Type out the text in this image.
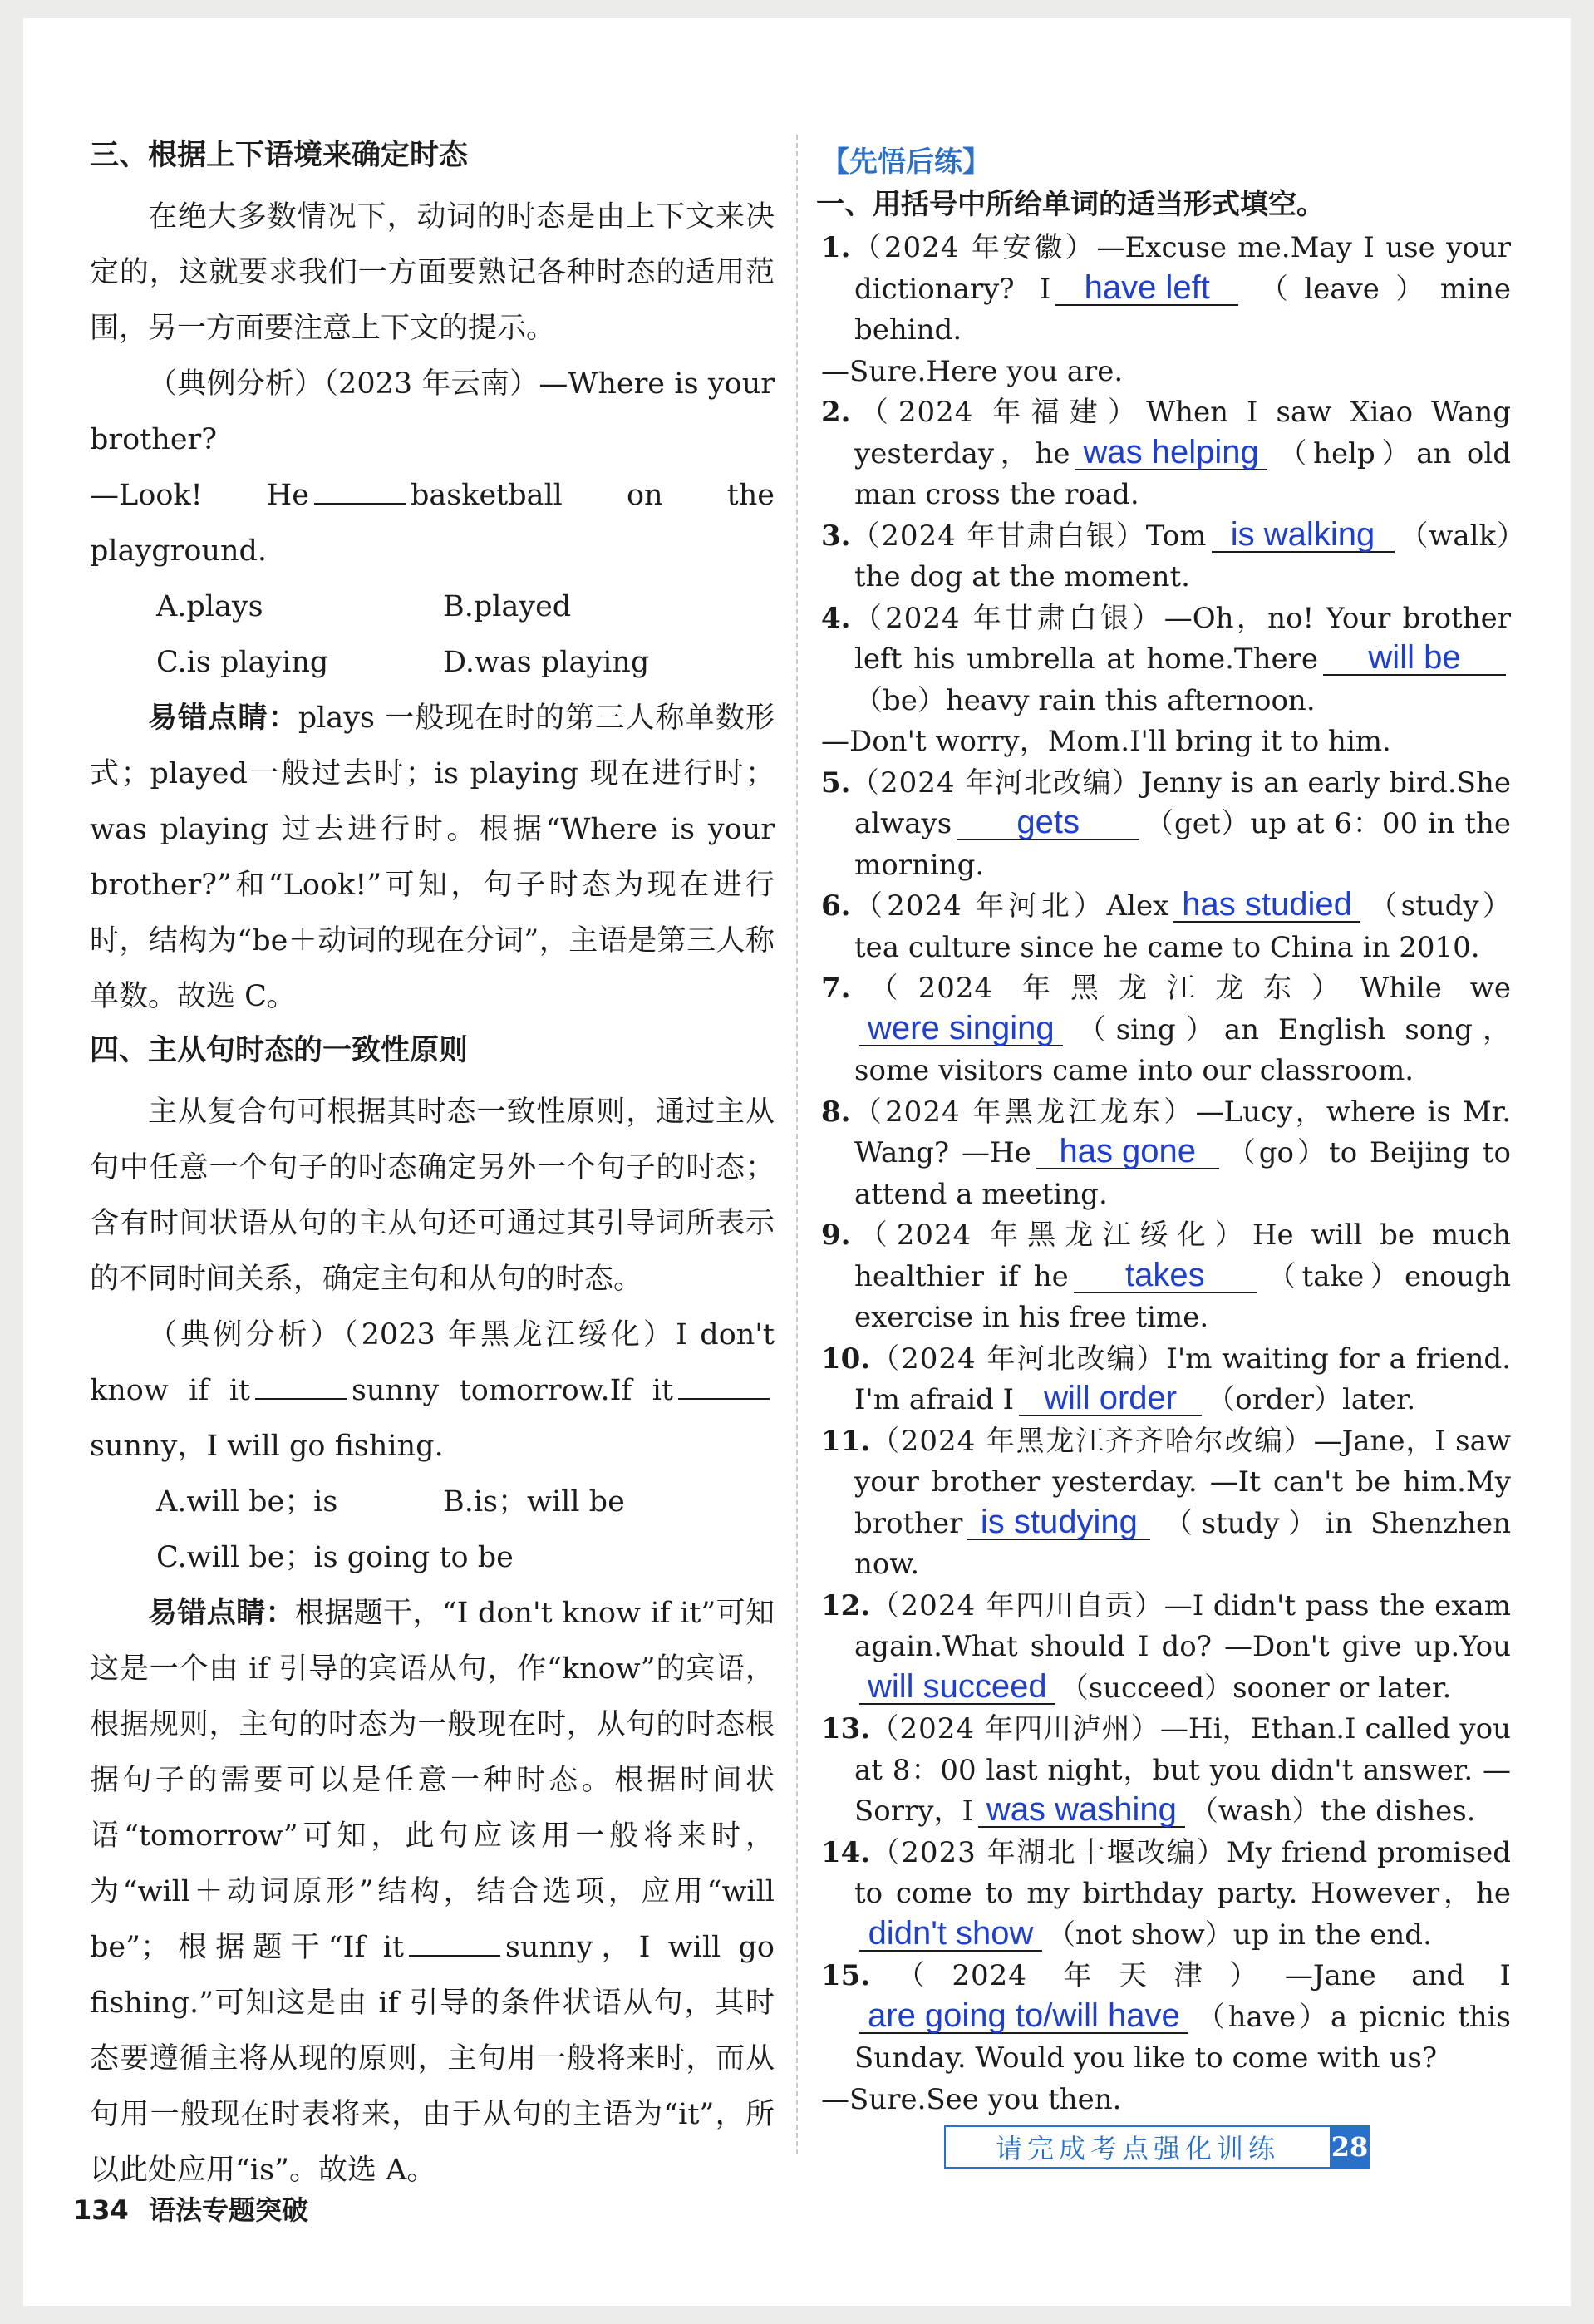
三、根据上下语境来确定时态

在绝大多数情况下，动词的时态是由上下文来决定的，这就要求我们一方面要熟记各种时态的适用范围，另一方面要注意上下文的提示。

（典例分析）（2023 年云南）—Where is your brother?

—Look! He	basketball on the playground.

A.plays	B.played
C.is playing	D.was playing

易错点睛：plays 一般现在时的第三人称单数形式；played一般过去时；is playing 现在进行时；was playing 过去进行时。根据“Where is your brother?”和“Look!”可知，句子时态为现在进行时，结构为“be＋动词的现在分词”，主语是第三人称单数。故选 C。

四、主从句时态的一致性原则

主从复合句可根据其时态一致性原则，通过主从句中任意一个句子的时态确定另外一个句子的时态；含有时间状语从句的主从句还可通过其引导词所表示的不同时间关系，确定主句和从句的时态。

（典例分析）（2023 年黑龙江绥化）I don't know if it	sunny tomorrow.If itsunny，I will go fishing.

A.will be；is	B.is；will be
C.will be；is going to be

易错点睛：根据题干，“I don't know if it”可知这是一个由 if 引导的宾语从句，作“know”的宾语，根据规则，主句的时态为一般现在时，从句的时态根据句子的需要可以是任意一种时态。根据时间状语“tomorrow”可知，此句应该用一般将来时，为“will＋动词原形”结构，结合选项，应用“will be”；根据题干“If it	sunny，I will go fishing.”可知这是由 if 引导的条件状语从句，其时态要遵循主将从现的原则，主句用一般将来时，而从句用一般现在时表将来，由于从句的主语为“it”，所以此处应用“is”。故选 A。

【先悟后练】
一、用括号中所给单词的适当形式填空。

1.（2024 年安徽）—Excuse me.May I use your dictionary? I have left （leave）mine behind.
—Sure.Here you are.

2.（2024 年福建）When I saw Xiao Wang yesterday，he was helping （help）an old man cross the road.

3.（2024 年甘肃白银）Tom is walking （walk）the dog at the moment.

4.（2024 年甘肃白银）—Oh，no! Your brother left his umbrella at home.There will be（be）heavy rain this afternoon.
—Don't worry，Mom.I'll bring it to him.

5.（2024 年河北改编）Jenny is an early bird.She always gets （get）up at 6：00 in the morning.

6.（2024 年河北）Alex has studied （study）tea culture since he came to China in 2010.

7.（2024 年黑龙江龙东）While wewere singing （sing）an English song，some visitors came into our classroom.

8.（2024 年黑龙江龙东）—Lucy，where is Mr. Wang? —He has gone （go）to Beijing to attend a meeting.

9.（2024 年黑龙江绥化）He will be much healthier if he takes （take）enough exercise in his free time.

10.（2024 年河北改编）I'm waiting for a friend. I'm afraid I will order （order）later.

11.（2024 年黑龙江齐齐哈尔改编）—Jane，I saw your brother yesterday. —It can't be him.My brother is studying （study）in Shenzhen now.

12.（2024 年四川自贡）—I didn't pass the exam again.What should I do? —Don't give up.Youwill succeed （succeed）sooner or later.

13.（2024 年四川泸州）—Hi，Ethan.I called you at 8：00 last night，but you didn't answer. —Sorry，I was washing （wash）the dishes.

14.（2023 年湖北十堰改编）My friend promised to come to my birthday party. However，hedidn't show （not show）up in the end.

15.（2024 年天津）—Jane and Iare going to/will have （have）a picnic this Sunday. Would you like to come with us?
—Sure.See you then.

请完成考点强化训练	28
134 语法专题突破
